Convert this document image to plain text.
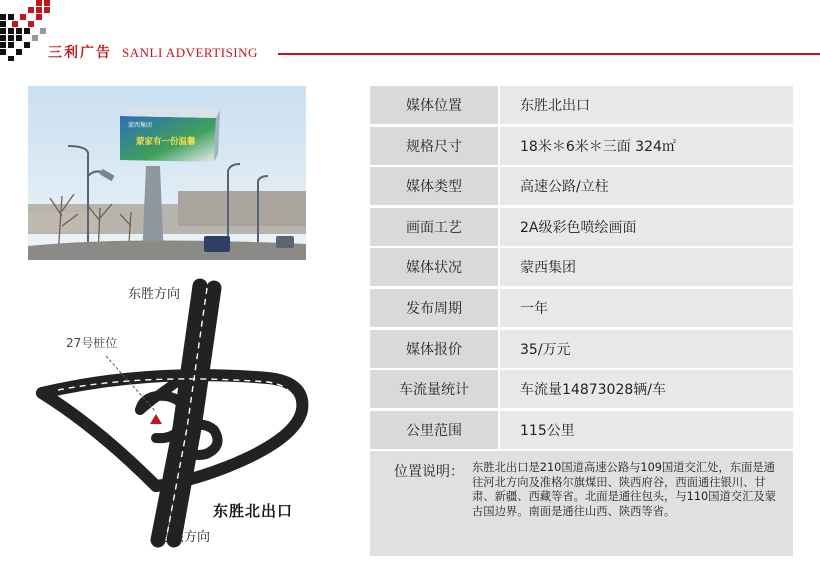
三利广告 SANLI ADVERTISING
蒙西集团
蒙家有一份温馨
东胜方向
27号桩位
东胜北出口
包头方向
媒体位置	东胜北出口
规格尺寸	18米＊6米＊三面 324㎡
媒体类型	高速公路/立柱
画面工艺	2A级彩色喷绘画面
媒体状况	蒙西集团
发布周期	一年
媒体报价	35/万元
车流量统计	车流量14873028辆/车
公里范围	115公里
位置说明： 东胜北出口是210国道高速公路与109国道交汇处，东面是通往河北方向及准格尔旗煤田、陕西府谷，西面通往银川、甘肃、新疆、西藏等省。北面是通往包头，与110国道交汇及蒙古国边界。南面是通往山西、陕西等省。
